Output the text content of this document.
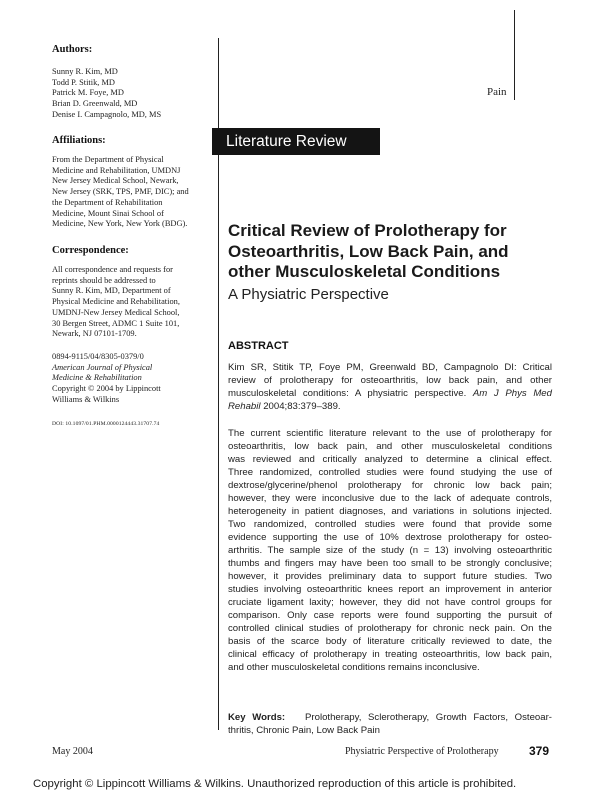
Authors:
Sunny R. Kim, MD
Todd P. Stitik, MD
Patrick M. Foye, MD
Brian D. Greenwald, MD
Denise I. Campagnolo, MD, MS
Affiliations:
From the Department of Physical
Medicine and Rehabilitation, UMDNJ
New Jersey Medical School, Newark,
New Jersey (SRK, TPS, PMF, DIC); and
the Department of Rehabilitation
Medicine, Mount Sinai School of
Medicine, New York, New York (BDG).
Correspondence:
All correspondence and requests for
reprints should be addressed to
Sunny R. Kim, MD, Department of
Physical Medicine and Rehabilitation,
UMDNJ-New Jersey Medical School,
30 Bergen Street, ADMC 1 Suite 101,
Newark, NJ 07101-1709.
0894-9115/04/8305-0379/0
American Journal of Physical
Medicine & Rehabilitation
Copyright © 2004 by Lippincott
Williams & Wilkins
DOI: 10.1097/01.PHM.0000124443.31707.74
Pain
Literature Review
Critical Review of Prolotherapy for
Osteoarthritis, Low Back Pain, and
other Musculoskeletal Conditions
A Physiatric Perspective
ABSTRACT
Kim SR, Stitik TP, Foye PM, Greenwald BD, Campagnolo DI: Critical
review of prolotherapy for osteoarthritis, low back pain, and other
musculoskeletal conditions: A physiatric perspective. Am J Phys Med
Rehabil 2004;83:379–389.
The current scientific literature relevant to the use of prolotherapy for
osteoarthritis, low back pain, and other musculoskeletal conditions
was reviewed and critically analyzed to determine a clinical effect.
Three randomized, controlled studies were found studying the use of
dextrose/glycerine/phenol prolotherapy for chronic low back pain;
however, they were inconclusive due to the lack of adequate controls,
heterogeneity in patient diagnoses, and variations in solutions injected.
Two randomized, controlled studies were found that provide some
evidence supporting the use of 10% dextrose prolotherapy for osteo-
arthritis. The sample size of the study (n = 13) involving osteoarthritic
thumbs and fingers may have been too small to be strongly conclusive;
however, it provides preliminary data to support future studies. Two
studies involving osteoarthritic knees report an improvement in anterior
cruciate ligament laxity; however, they did not have control groups for
comparison. Only case reports were found supporting the pursuit of
controlled clinical studies of prolotherapy for chronic neck pain. On the
basis of the scarce body of literature critically reviewed to date, the
clinical efficacy of prolotherapy in treating osteoarthritis, low back pain,
and other musculoskeletal conditions remains inconclusive.
Key Words: Prolotherapy, Sclerotherapy, Growth Factors, Osteoar-
thritis, Chronic Pain, Low Back Pain
May 2004	Physiatric Perspective of Prolotherapy	379
Copyright © Lippincott Williams & Wilkins. Unauthorized reproduction of this article is prohibited.
